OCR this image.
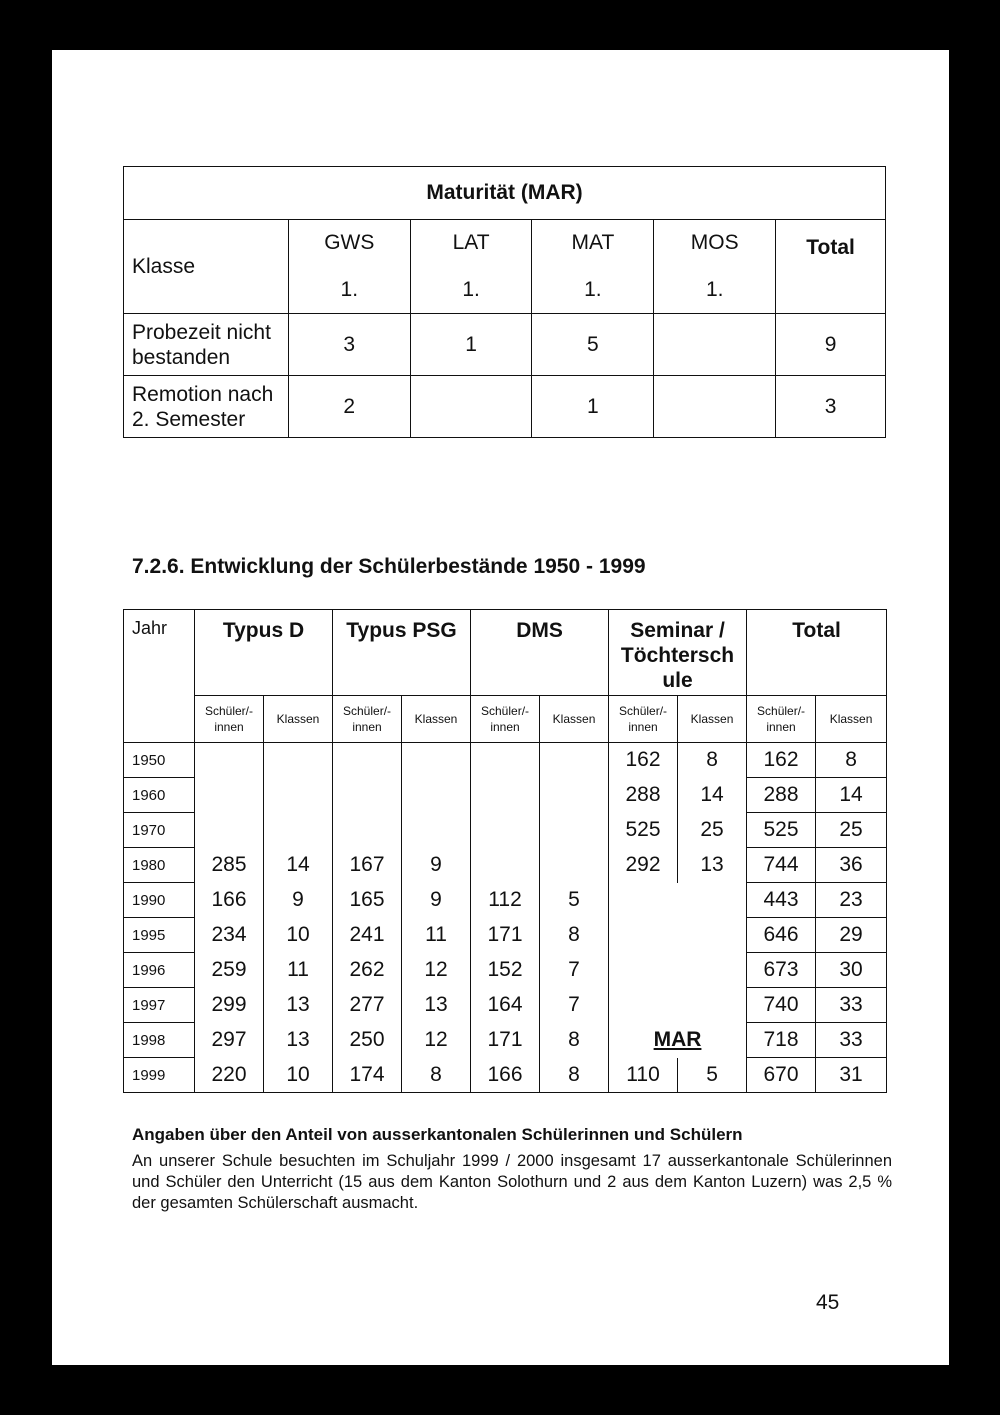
Maturität (MAR)					
Klasse	GWS	LAT	MAT	MOS	Total
	1.	1.	1.	1.	
Probezeit nicht bestanden	3	1	5		9
Remotion nach 2. Semester	2		1		3
7.2.6. Entwicklung der Schülerbestände 1950 - 1999
Jahr	Typus D		Typus PSG		DMS		Seminar / Töchtersch ule		Total	
	Schüler/- innen	Klassen	Schüler/- innen	Klassen	Schüler/- innen	Klassen	Schüler/- innen	Klassen	Schüler/- innen	Klassen
1950							162	8	162	8
1960							288	14	288	14
1970							525	25	525	25
1980	285	14	167	9			292	13	744	36
1990	166	9	165	9	112	5			443	23
1995	234	10	241	11	171	8			646	29
1996	259	11	262	12	152	7			673	30
1997	299	13	277	13	164	7			740	33
1998	297	13	250	12	171	8	MAR		718	33
1999	220	10	174	8	166	8	110	5	670	31
Angaben über den Anteil von ausserkantonalen Schülerinnen und Schülern

An unserer Schule besuchten im Schuljahr 1999 / 2000 insgesamt 17 ausserkantonale Schülerinnen und Schüler den Unterricht (15 aus dem Kanton Solothurn und 2 aus dem Kanton Luzern) was 2,5 % der gesamten Schülerschaft ausmacht.

45
